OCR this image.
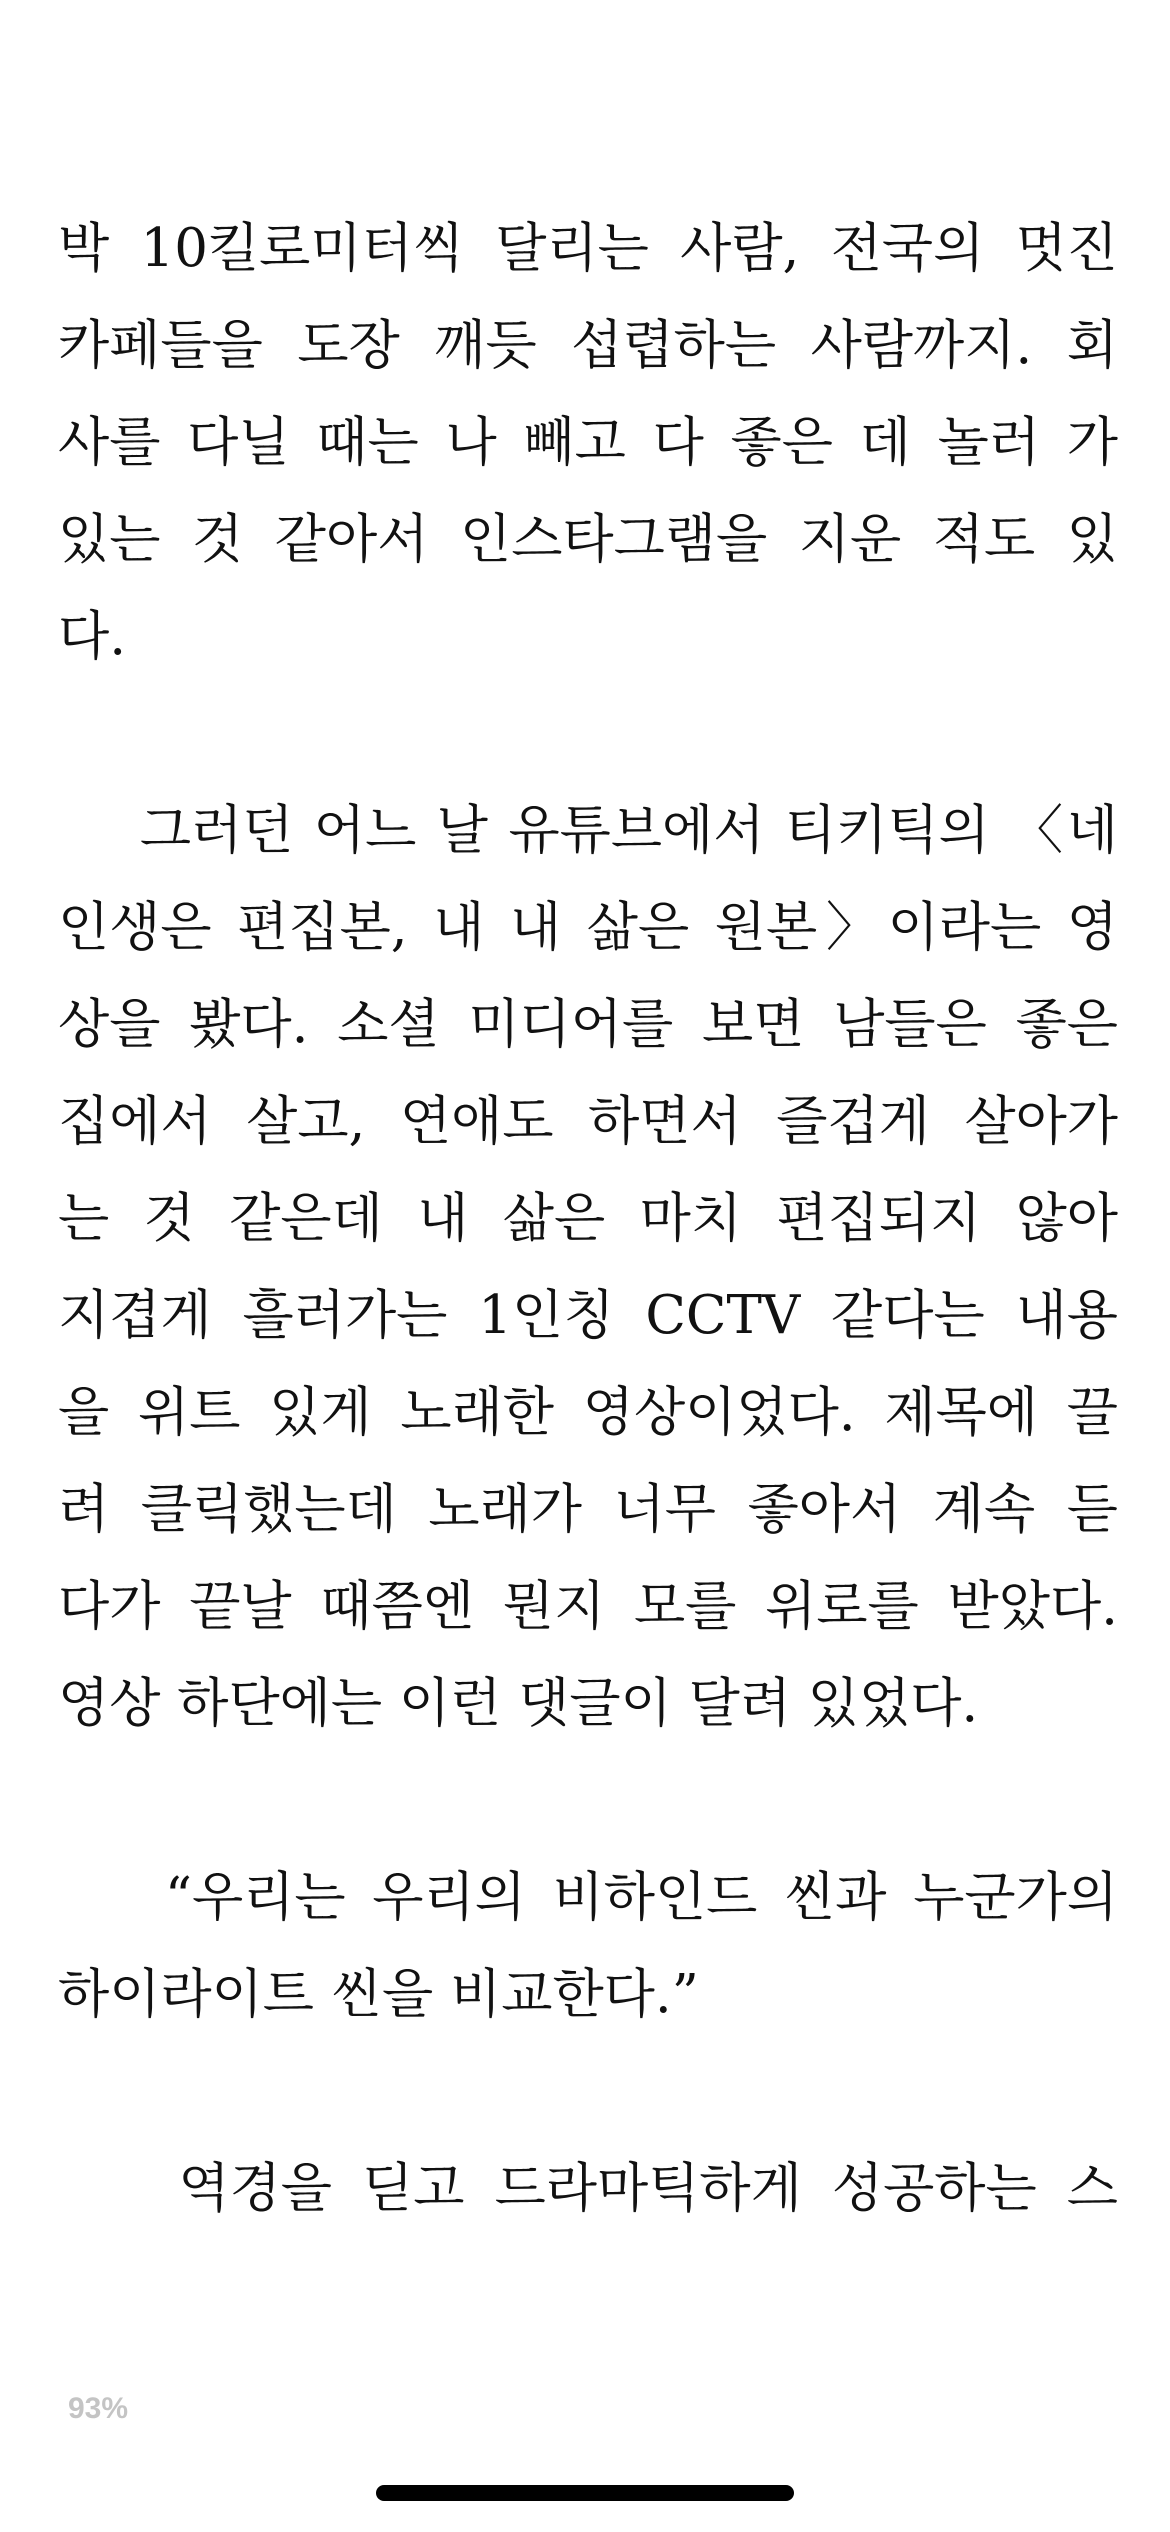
박 10킬로미터씩 달리는 사람, 전국의 멋진
카페들을 도장 깨듯 섭렵하는 사람까지. 회
사를 다닐 때는 나 빼고 다 좋은 데 놀러 가
있는 것 같아서 인스타그램을 지운 적도 있
다.
그러던 어느 날 유튜브에서 티키틱의 〈네
인생은 편집본, 내 내 삶은 원본〉이라는 영
상을 봤다. 소셜 미디어를 보면 남들은 좋은
집에서 살고, 연애도 하면서 즐겁게 살아가
는 것 같은데 내 삶은 마치 편집되지 않아
지겹게 흘러가는 1인칭 CCTV 같다는 내용
을 위트 있게 노래한 영상이었다. 제목에 끌
려 클릭했는데 노래가 너무 좋아서 계속 듣
다가 끝날 때쯤엔 뭔지 모를 위로를 받았다.
영상 하단에는 이런 댓글이 달려 있었다.
“우리는 우리의 비하인드 씬과 누군가의
하이라이트 씬을 비교한다.”
역경을 딛고 드라마틱하게 성공하는 스
93%
